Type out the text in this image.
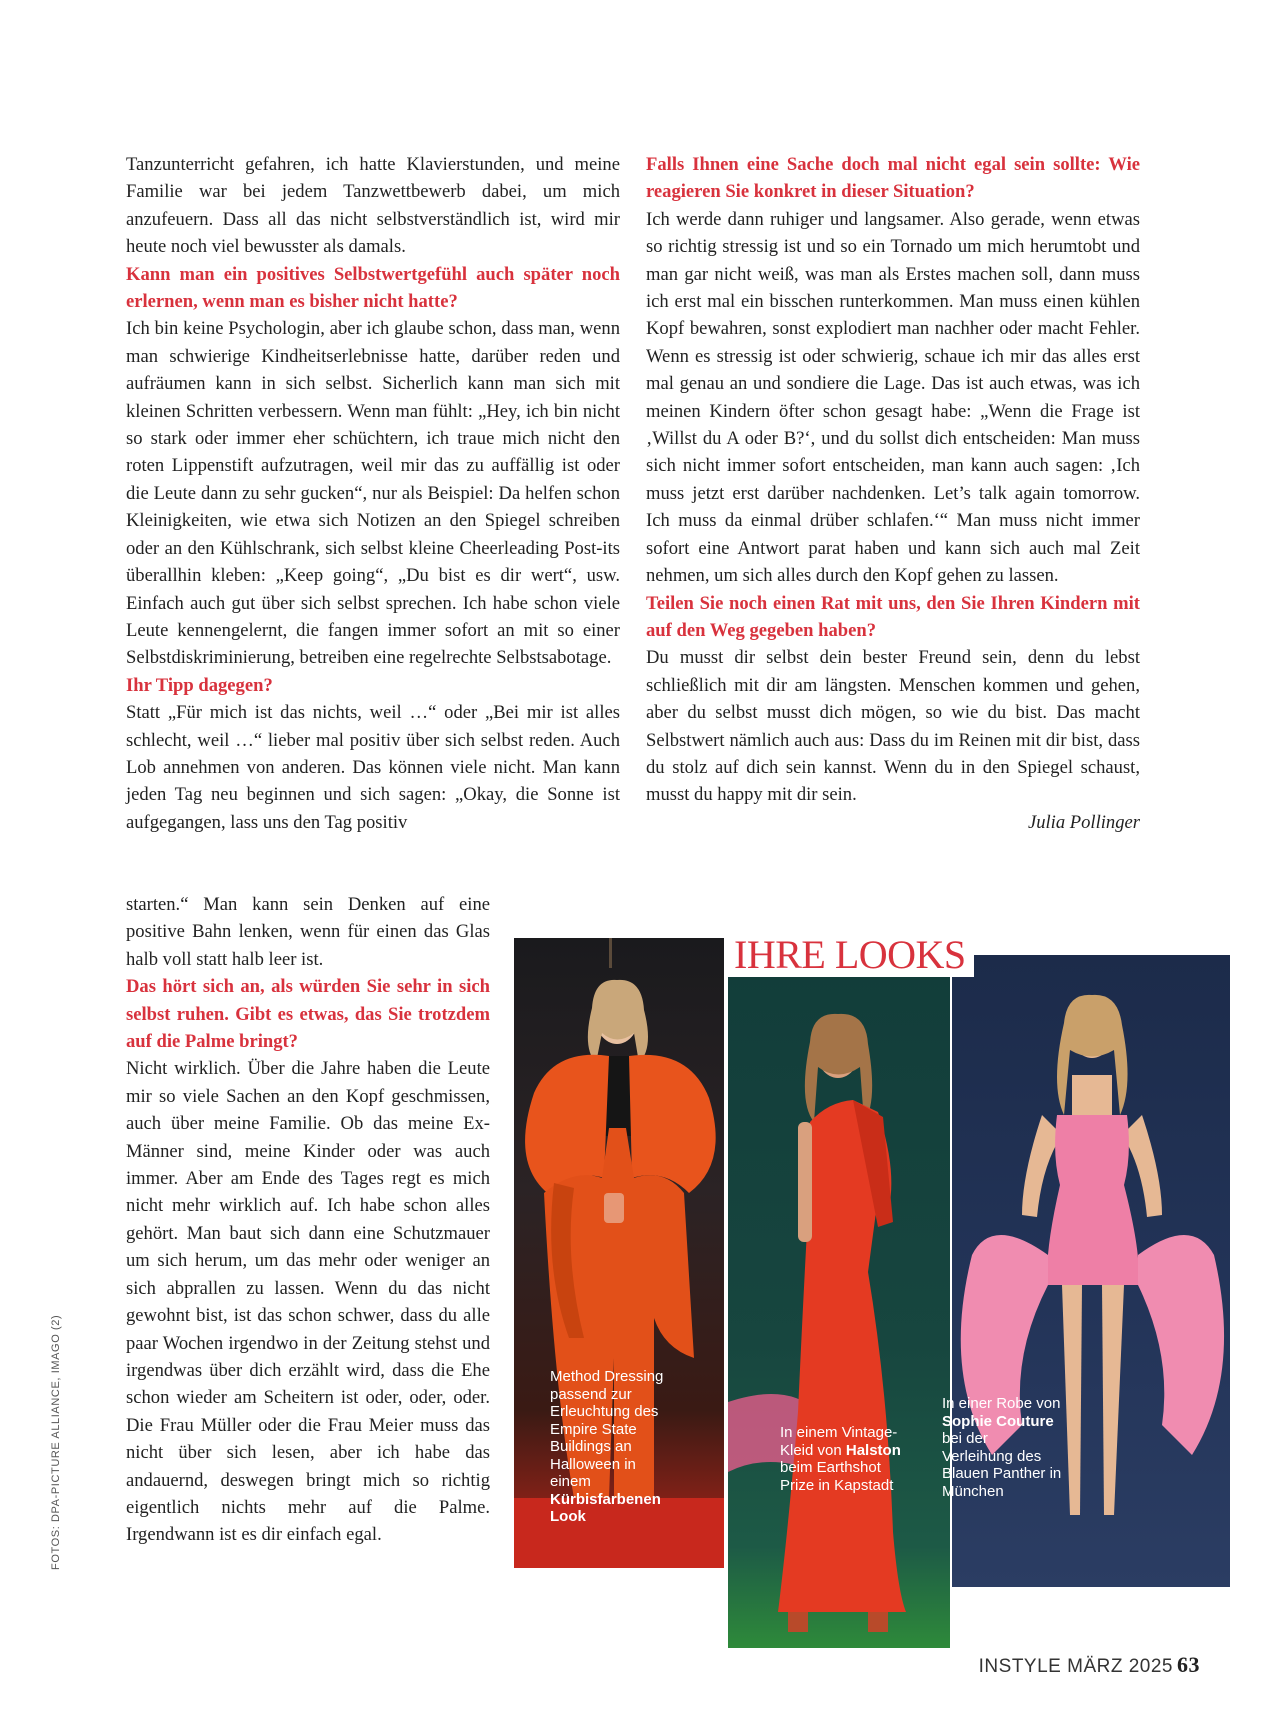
Tanzunterricht gefahren, ich hatte Klavierstunden, und meine Familie war bei jedem Tanzwettbewerb dabei, um mich anzufeuern. Dass all das nicht selbstverständlich ist, wird mir heute noch viel bewusster als damals.

Kann man ein positives Selbstwertgefühl auch später noch erlernen, wenn man es bisher nicht hatte?

Ich bin keine Psychologin, aber ich glaube schon, dass man, wenn man schwierige Kindheitserlebnisse hatte, darüber reden und aufräumen kann in sich selbst. Sicherlich kann man sich mit kleinen Schritten verbessern. Wenn man fühlt: „Hey, ich bin nicht so stark oder immer eher schüchtern, ich traue mich nicht den roten Lippenstift aufzutragen, weil mir das zu auffällig ist oder die Leute dann zu sehr gucken“, nur als Beispiel: Da helfen schon Kleinigkeiten, wie etwa sich Notizen an den Spiegel schreiben oder an den Kühlschrank, sich selbst kleine Cheerleading Post-its überallhin kleben: „Keep going“, „Du bist es dir wert“, usw. Einfach auch gut über sich selbst sprechen. Ich habe schon viele Leute kennengelernt, die fangen immer sofort an mit so einer Selbstdiskriminierung, betreiben eine regelrechte Selbstsabotage.

Ihr Tipp dagegen?

Statt „Für mich ist das nichts, weil …“ oder „Bei mir ist alles schlecht, weil …“ lieber mal positiv über sich selbst reden. Auch Lob annehmen von anderen. Das können viele nicht. Man kann jeden Tag neu beginnen und sich sagen: „Okay, die Sonne ist aufgegangen, lass uns den Tag positiv

starten.“ Man kann sein Denken auf eine positive Bahn lenken, wenn für einen das Glas halb voll statt halb leer ist.

Das hört sich an, als würden Sie sehr in sich selbst ruhen. Gibt es etwas, das Sie trotzdem auf die Palme bringt?

Nicht wirklich. Über die Jahre haben die Leute mir so viele Sachen an den Kopf geschmissen, auch über meine Familie. Ob das meine Ex-Männer sind, meine Kinder oder was auch immer. Aber am Ende des Tages regt es mich nicht mehr wirklich auf. Ich habe schon alles gehört. Man baut sich dann eine Schutzmauer um sich herum, um das mehr oder weniger an sich abprallen zu lassen. Wenn du das nicht gewohnt bist, ist das schon schwer, dass du alle paar Wochen irgendwo in der Zeitung stehst und irgendwas über dich erzählt wird, dass die Ehe schon wieder am Scheitern ist oder, oder, oder. Die Frau Müller oder die Frau Meier muss das nicht über sich lesen, aber ich habe das andauernd, deswegen bringt mich so richtig eigentlich nichts mehr auf die Palme. Irgendwann ist es dir einfach egal.

Falls Ihnen eine Sache doch mal nicht egal sein sollte: Wie reagieren Sie konkret in dieser Situation?

Ich werde dann ruhiger und langsamer. Also gerade, wenn etwas so richtig stressig ist und so ein Tornado um mich herumtobt und man gar nicht weiß, was man als Erstes machen soll, dann muss ich erst mal ein bisschen runterkommen. Man muss einen kühlen Kopf bewahren, sonst explodiert man nachher oder macht Fehler. Wenn es stressig ist oder schwierig, schaue ich mir das alles erst mal genau an und sondiere die Lage. Das ist auch etwas, was ich meinen Kindern öfter schon gesagt habe: „Wenn die Frage ist ‚Willst du A oder B?‘, und du sollst dich entscheiden: Man muss sich nicht immer sofort entscheiden, man kann auch sagen: ‚Ich muss jetzt erst darüber nachdenken. Let’s talk again tomorrow. Ich muss da einmal drüber schlafen.‘“ Man muss nicht immer sofort eine Antwort parat haben und kann sich auch mal Zeit nehmen, um sich alles durch den Kopf gehen zu lassen.

Teilen Sie noch einen Rat mit uns, den Sie Ihren Kindern mit auf den Weg gegeben haben?

Du musst dir selbst dein bester Freund sein, denn du lebst schließlich mit dir am längsten. Menschen kommen und gehen, aber du selbst musst dich mögen, so wie du bist. Das macht Selbstwert nämlich auch aus: Dass du im Reinen mit dir bist, dass du stolz auf dich sein kannst. Wenn du in den Spiegel schaust, musst du happy mit dir sein.

Julia Pollinger

Method Dressing passend zur Erleuchtung des Empire State Buildings an Halloween in einem Kürbisfarbenen Look
In einem Vintage-Kleid von Halston beim Earthshot Prize in Kapstadt
In einer Robe von Sophie Couture bei der Verleihung des Blauen Panther in München
IHRE LOOKS
FOTOS: DPA-PICTURE ALLIANCE, IMAGO (2)
INSTYLE MÄRZ 2025 63
